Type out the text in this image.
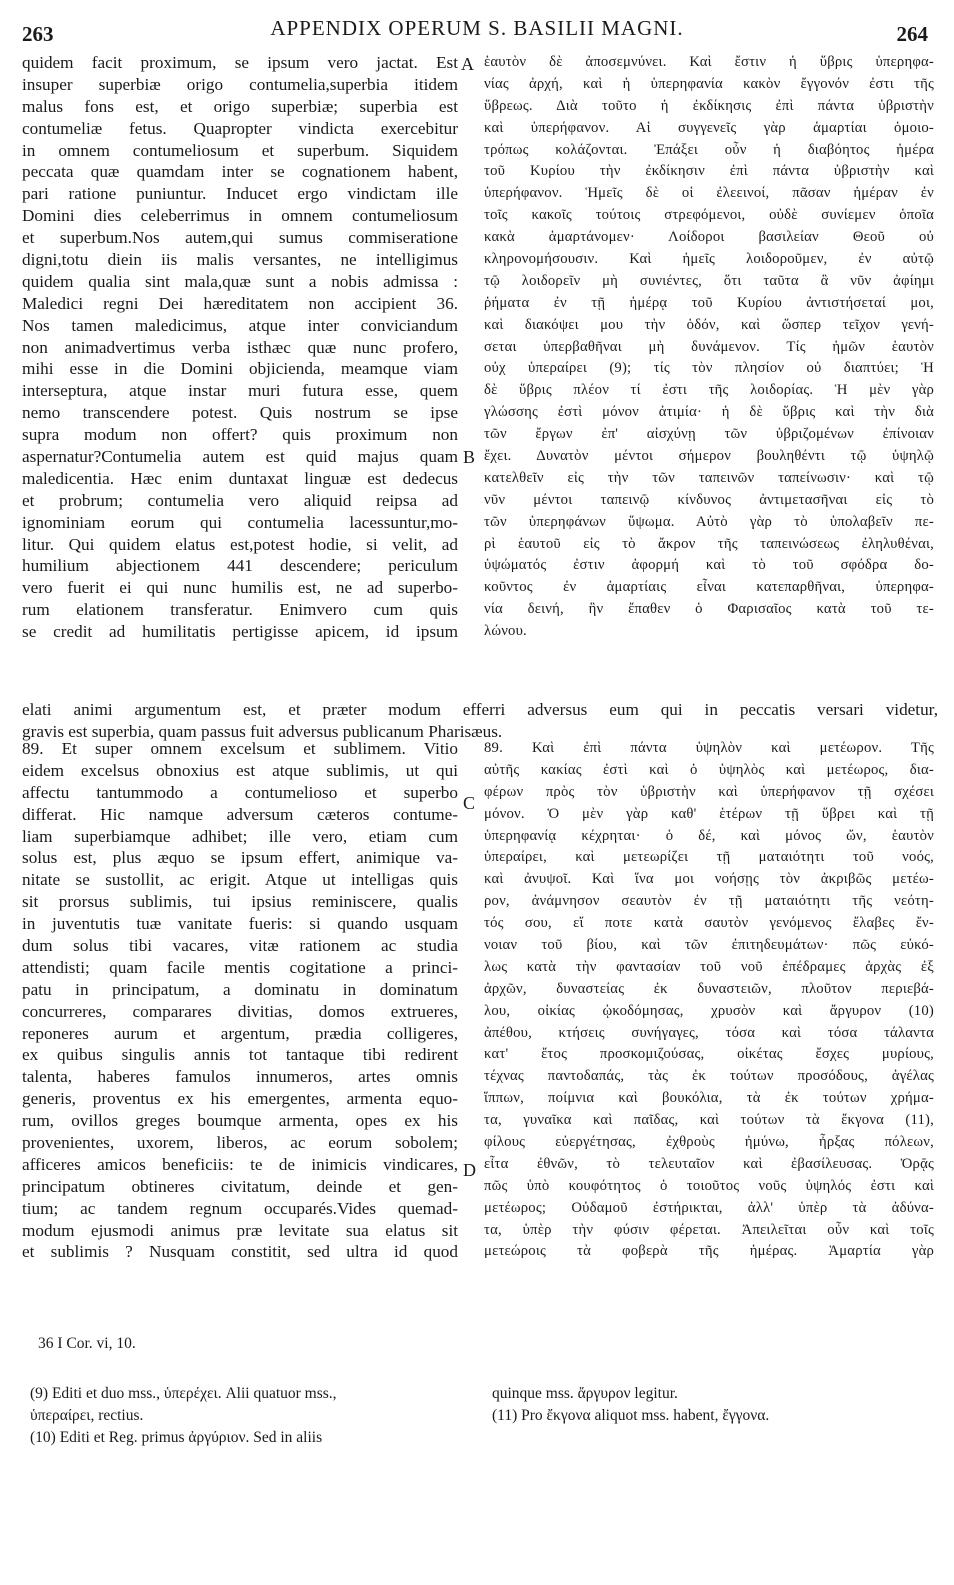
263	APPENDIX OPERUM S. BASILII MAGNI.	264
quidem facit proximum, se ipsum vero jactat. Est
insuper superbiæ origo contumelia,superbia itidem
malus fons est, et origo superbiæ; superbia est
contumeliæ fetus. Quapropter vindicta exercebitur
in omnem contumeliosum et superbum. Siquidem
peccata quæ quamdam inter se cognationem habent,
pari ratione puniuntur. Inducet ergo vindictam ille
Domini dies celeberrimus in omnem contumeliosum
et superbum.Nos autem,qui sumus commiseratione
digni,totu diein iis malis versantes, ne intelligimus
quidem qualia sint mala,quæ sunt a nobis admissa :
Maledici regni Dei hæreditatem non accipient 36.
Nos tamen maledicimus, atque inter conviciandum
non animadvertimus verba isthæc quæ nunc profero,
mihi esse in die Domini objicienda, meamque viam
interseptura, atque instar muri futura esse, quem
nemo transcendere potest. Quis nostrum se ipse
supra modum non offert? quis proximum non
aspernatur?Contumelia autem est quid majus quam
maledicentia. Hæc enim duntaxat linguæ est dedecus
et probrum; contumelia vero aliquid reipsa ad
ignominiam eorum qui contumelia lacessuntur,mo-
litur. Qui quidem elatus est,potest hodie, si velit, ad
humilium abjectionem 441 descendere; periculum
vero fuerit ei qui nunc humilis est, ne ad superbo-
rum elationem transferatur. Enimvero cum quis
se credit ad humilitatis pertigisse apicem, id ipsum
ἑαυτὸν δὲ ἀποσεμνύνει. Καὶ ἔστιν ἡ ὕβρις ὑπερηφα-
νίας ἀρχή, καὶ ἡ ὑπερηφανία κακὸν ἔγγονόν ἐστι τῆς
ὕβρεως. Διὰ τοῦτο ἡ ἐκδίκησις ἐπὶ πάντα ὑβριστὴν
καὶ ὑπερήφανον. Αἱ συγγενεῖς γὰρ ἁμαρτίαι ὁμοιο-
τρόπως κολάζονται. Ἐπάξει οὖν ἡ διαβόητος ἡμέρα
τοῦ Κυρίου τὴν ἐκδίκησιν ἐπὶ πάντα ὑβριστὴν καὶ
ὑπερήφανον. Ἡμεῖς δὲ οἱ ἐλεεινοί, πᾶσαν ἡμέραν ἐν
τοῖς κακοῖς τούτοις στρεφόμενοι, οὐδὲ συνίεμεν ὁποῖα
κακὰ ἁμαρτάνομεν· Λοίδοροι βασιλείαν Θεοῦ οὐ
κληρονομήσουσιν. Καὶ ἡμεῖς λοιδοροῦμεν, ἐν αὐτῷ
τῷ λοιδορεῖν μὴ συνιέντες, ὅτι ταῦτα ἃ νῦν ἀφίημι
ῥήματα ἐν τῇ ἡμέρᾳ τοῦ Κυρίου ἀντιστήσεταί μοι,
καὶ διακόψει μου τὴν ὁδόν, καὶ ὥσπερ τεῖχον γενή-
σεται ὑπερβαθῆναι μὴ δυνάμενον. Τίς ἡμῶν ἑαυτὸν
οὐχ ὑπεραίρει (9); τίς τὸν πλησίον οὐ διαπτύει; Ἡ
δὲ ὕβρις πλέον τί ἐστι τῆς λοιδορίας. Ἡ μὲν γὰρ
γλώσσης ἐστὶ μόνον ἀτιμία· ἡ δὲ ὕβρις καὶ τὴν διὰ
τῶν ἔργων ἐπ' αἰσχύνῃ τῶν ὑβριζομένων ἐπίνοιαν
ἔχει. Δυνατὸν μέντοι σήμερον βουληθέντι τῷ ὑψηλῷ
κατελθεῖν εἰς τὴν τῶν ταπεινῶν ταπείνωσιν· καὶ τῷ
νῦν μέντοι ταπεινῷ κίνδυνος ἀντιμετασῆναι εἰς τὸ
τῶν ὑπερηφάνων ὕψωμα. Αὐτὸ γὰρ τὸ ὑπολαβεῖν πε-
ρὶ ἑαυτοῦ εἰς τὸ ἄκρον τῆς ταπεινώσεως ἐληλυθέναι,
ὑψώματός ἐστιν ἀφορμή καὶ τὸ τοῦ σφόδρα δο-
κοῦντος ἐν ἁμαρτίαις εἶναι κατεπαρθῆναι, ὑπερηφα-
νία δεινή, ἣν ἔπαθεν ὁ Φαρισαῖος κατὰ τοῦ τε-
λώνου.
A
B
C
D
elati animi argumentum est, et præter modum efferri adversus eum qui in peccatis versari videtur,
gravis est superbia, quam passus fuit adversus publicanum Pharisæus.
89. Et super omnem excelsum et sublimem. Vitio
eidem excelsus obnoxius est atque sublimis, ut qui
affectu tantummodo a contumelioso et superbo
differat. Hic namque adversum cæteros contume-
liam superbiamque adhibet; ille vero, etiam cum
solus est, plus æquo se ipsum effert, animique va-
nitate se sustollit, ac erigit. Atque ut intelligas quis
sit prorsus sublimis, tui ipsius reminiscere, qualis
in juventutis tuæ vanitate fueris: si quando usquam
dum solus tibi vacares, vitæ rationem ac studia
attendisti; quam facile mentis cogitatione a princi-
patu in principatum, a dominatu in dominatum
concurreres, comparares divitias, domos extrueres,
reponeres aurum et argentum, prædia colligeres,
ex quibus singulis annis tot tantaque tibi redirent
talenta, haberes famulos innumeros, artes omnis
generis, proventus ex his emergentes, armenta equo-
rum, ovillos greges boumque armenta, opes ex his
provenientes, uxorem, liberos, ac eorum sobolem;
afficeres amicos beneficiis: te de inimicis vindicares,
principatum obtineres civitatum, deinde et gen-
tium; ac tandem regnum occuparés.Vides quemad-
modum ejusmodi animus præ levitate sua elatus sit
et sublimis ? Nusquam constitit, sed ultra id quod
89. Καὶ ἐπὶ πάντα ὑψηλὸν καὶ μετέωρον. Τῆς
αὐτῆς κακίας ἐστὶ καὶ ὁ ὑψηλὸς καὶ μετέωρος, δια-
φέρων πρὸς τὸν ὑβριστὴν καὶ ὑπερήφανον τῇ σχέσει
μόνον. Ὁ μὲν γὰρ καθ' ἑτέρων τῇ ὕβρει καὶ τῇ
ὑπερηφανίᾳ κέχρηται· ὁ δέ, καὶ μόνος ὤν, ἑαυτὸν
ὑπεραίρει, καὶ μετεωρίζει τῇ ματαιότητι τοῦ νοός,
καὶ ἀνυψοῖ. Καὶ ἵνα μοι νοήσῃς τὸν ἀκριβῶς μετέω-
ρον, ἀνάμνησον σεαυτὸν ἐν τῇ ματαιότητι τῆς νεότη-
τός σου, εἴ ποτε κατὰ σαυτὸν γενόμενος ἔλαβες ἔν-
νοιαν τοῦ βίου, καὶ τῶν ἐπιτηδευμάτων· πῶς εὐκό-
λως κατὰ τὴν φαντασίαν τοῦ νοῦ ἐπέδραμες ἀρχὰς ἐξ
ἀρχῶν, δυναστείας ἐκ δυναστειῶν, πλοῦτον περιεβά-
λου, οἰκίας ᾠκοδόμησας, χρυσὸν καὶ ἄργυρον (10)
ἀπέθου, κτήσεις συνήγαγες, τόσα καὶ τόσα τάλαντα
κατ' ἔτος προσκομιζούσας, οἰκέτας ἔσχες μυρίους,
τέχνας παντοδαπάς, τὰς ἐκ τούτων προσόδους, ἀγέλας
ἵππων, ποίμνια καὶ βουκόλια, τὰ ἐκ τούτων χρήμα-
τα, γυναῖκα καὶ παῖδας, καὶ τούτων τὰ ἔκγονα (11),
φίλους εὐεργέτησας, ἐχθροὺς ἠμύνω, ἦρξας πόλεων,
εἶτα ἐθνῶν, τὸ τελευταῖον καὶ ἐβασίλευσας. Ὁρᾷς
πῶς ὑπὸ κουφότητος ὁ τοιοῦτος νοῦς ὑψηλός ἐστι καὶ
μετέωρος; Οὐδαμοῦ ἐστήρικται, ἀλλ' ὑπὲρ τὰ ἀδύνα-
τα, ὑπὲρ τὴν φύσιν φέρεται. Ἀπειλεῖται οὖν καὶ τοῖς
μετεώροις τὰ φοβερὰ τῆς ἡμέρας. Ἁμαρτία γὰρ
36 I Cor. vi, 10.
(9) Editi et duo mss., ὑπερέχει. Alii quatuor mss.,
ὑπεραίρει, rectius.
(10) Editi et Reg. primus ἀργύριον. Sed in aliis
quinque mss. ἄργυρον legitur.
(11) Pro ἔκγονα aliquot mss. habent, ἔγγονα.
